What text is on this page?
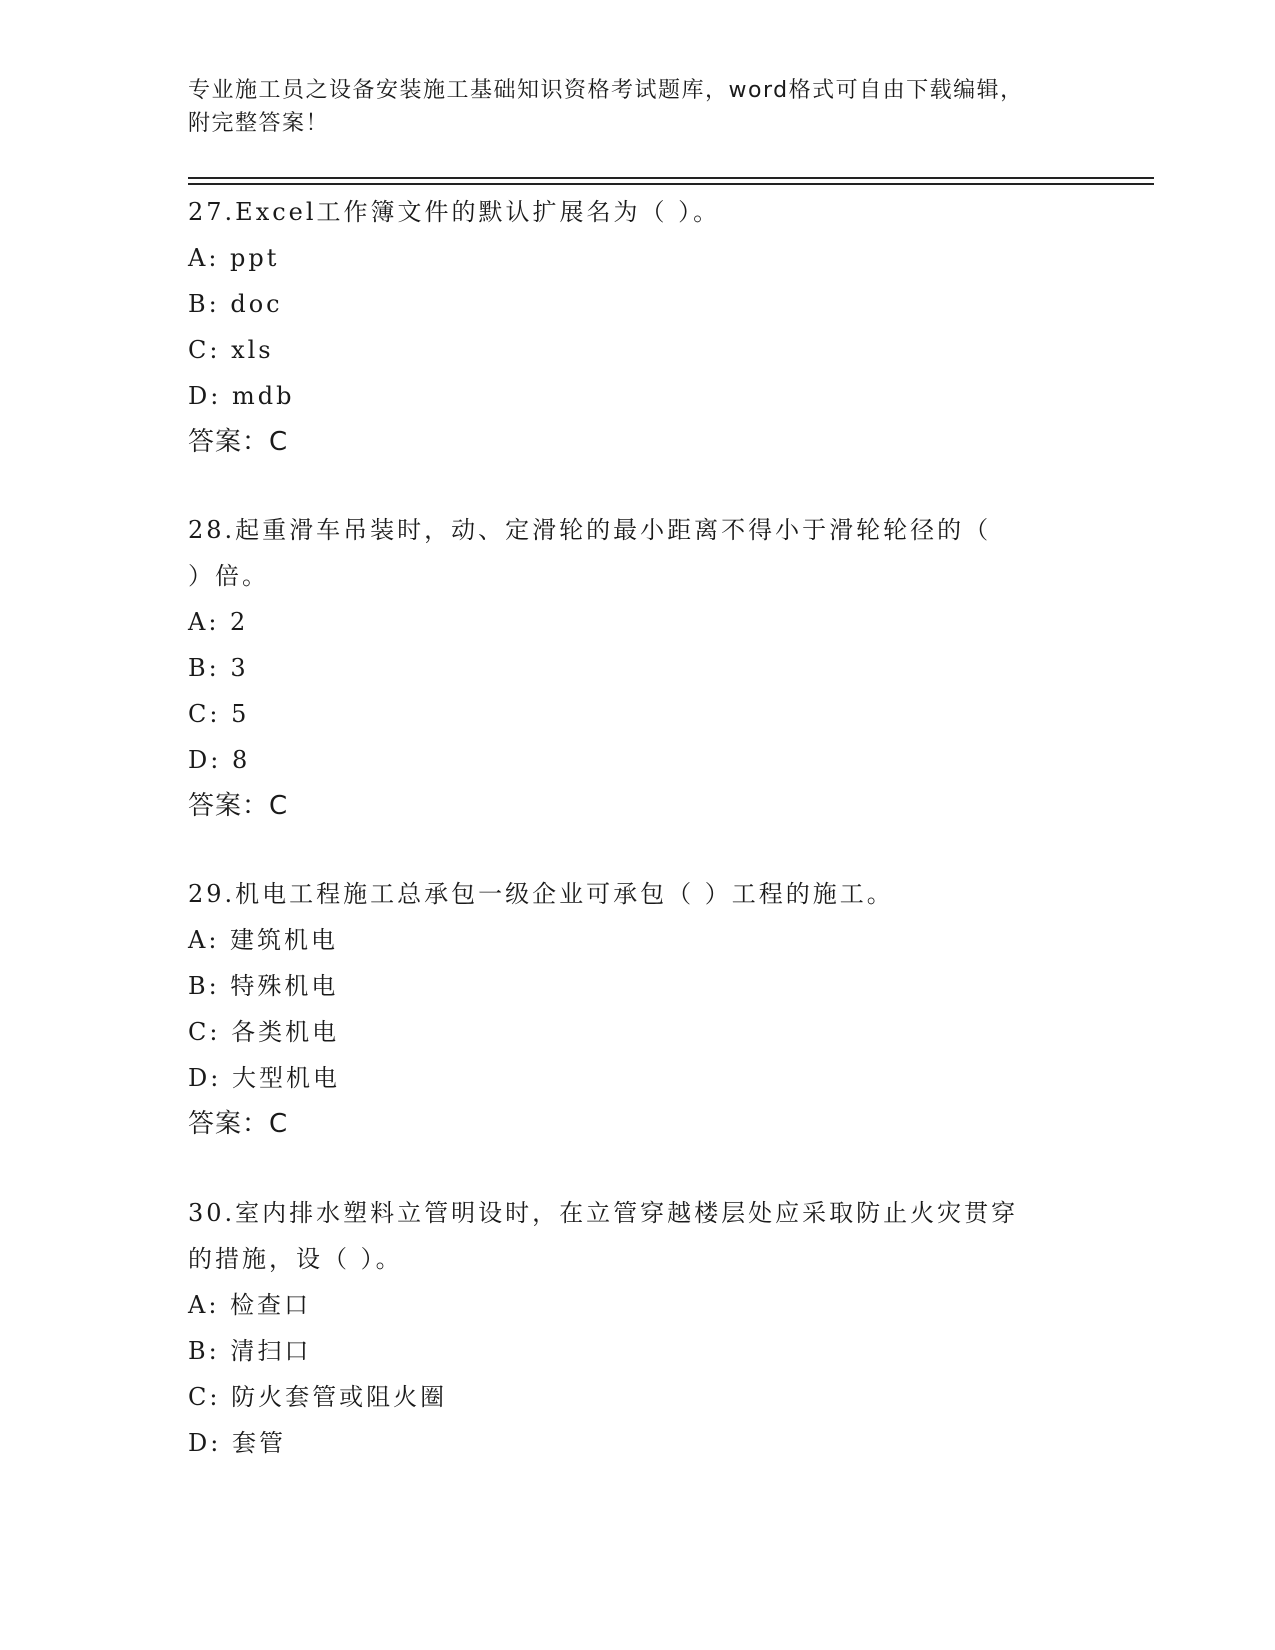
专业施工员之设备安装施工基础知识资格考试题库，word格式可自由下载编辑，
附完整答案！
27.Excel工作簿文件的默认扩展名为（ ）。
A: ppt
B: doc
C: xls
D: mdb
答案：C
28.起重滑车吊装时，动、定滑轮的最小距离不得小于滑轮轮径的（
）倍。
A: 2
B: 3
C: 5
D: 8
答案：C
29.机电工程施工总承包一级企业可承包（ ）工程的施工。
A: 建筑机电
B: 特殊机电
C: 各类机电
D: 大型机电
答案：C
30.室内排水塑料立管明设时，在立管穿越楼层处应采取防止火灾贯穿
的措施，设（ ）。
A: 检查口
B: 清扫口
C: 防火套管或阻火圈
D: 套管
